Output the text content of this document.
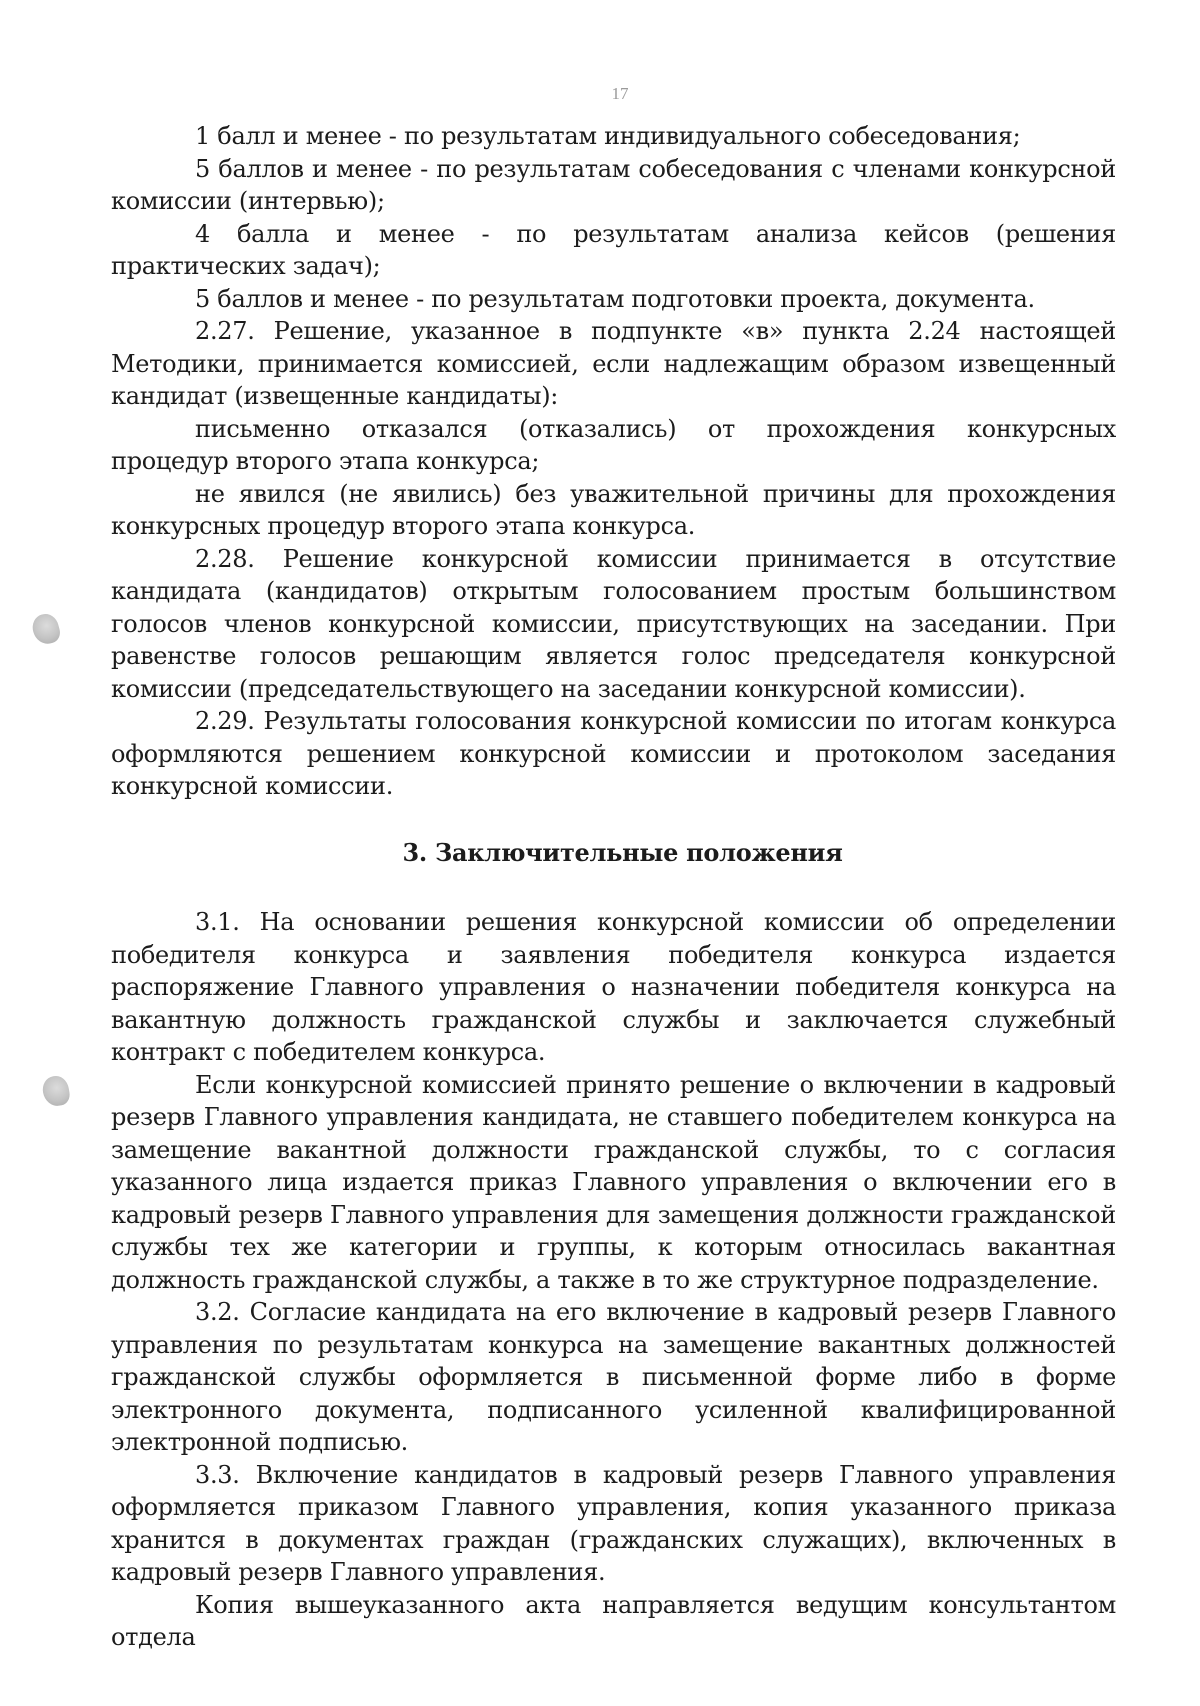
17

1 балл и менее - по результатам индивидуального собеседования;

5 баллов и менее - по результатам собеседования с членами конкурсной комиссии (интервью);

4 балла и менее - по результатам анализа кейсов (решения практических задач);

5 баллов и менее - по результатам подготовки проекта, документа.

2.27. Решение, указанное в подпункте «в» пункта 2.24 настоящей Методики, принимается комиссией, если надлежащим образом извещенный кандидат (извещенные кандидаты):

письменно отказался (отказались) от прохождения конкурсных процедур второго этапа конкурса;

не явился (не явились) без уважительной причины для прохождения конкурсных процедур второго этапа конкурса.

2.28. Решение конкурсной комиссии принимается в отсутствие кандидата (кандидатов) открытым голосованием простым большинством голосов членов конкурсной комиссии, присутствующих на заседании. При равенстве голосов решающим является голос председателя конкурсной комиссии (председательствующего на заседании конкурсной комиссии).

2.29. Результаты голосования конкурсной комиссии по итогам конкурса оформляются решением конкурсной комиссии и протоколом заседания конкурсной комиссии.

3. Заключительные положения

3.1. На основании решения конкурсной комиссии об определении победителя конкурса и заявления победителя конкурса издается распоряжение Главного управления о назначении победителя конкурса на вакантную должность гражданской службы и заключается служебный контракт с победителем конкурса.

Если конкурсной комиссией принято решение о включении в кадровый резерв Главного управления кандидата, не ставшего победителем конкурса на замещение вакантной должности гражданской службы, то с согласия указанного лица издается приказ Главного управления о включении его в кадровый резерв Главного управления для замещения должности гражданской службы тех же категории и группы, к которым относилась вакантная должность гражданской службы, а также в то же структурное подразделение.

3.2. Согласие кандидата на его включение в кадровый резерв Главного управления по результатам конкурса на замещение вакантных должностей гражданской службы оформляется в письменной форме либо в форме электронного документа, подписанного усиленной квалифицированной электронной подписью.

3.3. Включение кандидатов в кадровый резерв Главного управления оформляется приказом Главного управления, копия указанного приказа хранится в документах граждан (гражданских служащих), включенных в кадровый резерв Главного управления.

Копия вышеуказанного акта направляется ведущим консультантом отдела
